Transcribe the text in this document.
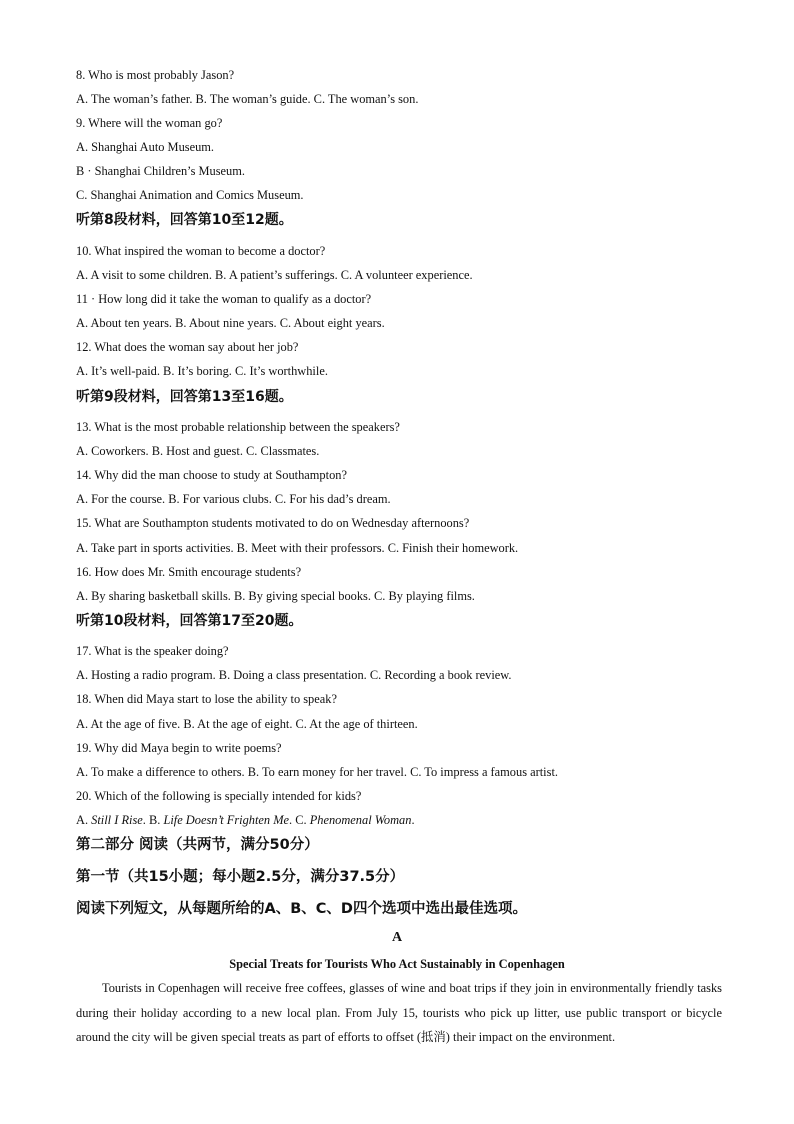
8. Who is most probably Jason?
A. The woman’s father. B. The woman’s guide. C. The woman’s son.
9. Where will the woman go?
A. Shanghai Auto Museum.
B · Shanghai Children’s Museum.
C. Shanghai Animation and Comics Museum.
听第8段材料，回答第10至12题。
10. What inspired the woman to become a doctor?
A. A visit to some children. B. A patient’s sufferings. C. A volunteer experience.
11 · How long did it take the woman to qualify as a doctor?
A. About ten years. B. About nine years. C. About eight years.
12. What does the woman say about her job?
A. It’s well-paid. B. It’s boring. C. It’s worthwhile.
听第9段材料，回答第13至16题。
13. What is the most probable relationship between the speakers?
A. Coworkers. B. Host and guest. C. Classmates.
14. Why did the man choose to study at Southampton?
A. For the course. B. For various clubs. C. For his dad’s dream.
15. What are Southampton students motivated to do on Wednesday afternoons?
A. Take part in sports activities. B. Meet with their professors. C. Finish their homework.
16. How does Mr. Smith encourage students?
A. By sharing basketball skills. B. By giving special books. C. By playing films.
听第10段材料，回答第17至20题。
17. What is the speaker doing?
A. Hosting a radio program. B. Doing a class presentation. C. Recording a book review.
18. When did Maya start to lose the ability to speak?
A. At the age of five. B. At the age of eight. C. At the age of thirteen.
19. Why did Maya begin to write poems?
A. To make a difference to others. B. To earn money for her travel. C. To impress a famous artist.
20. Which of the following is specially intended for kids?
A. Still I Rise. B. Life Doesn’t Frighten Me. C. Phenomenal Woman.
第二部分 阅读（共两节，满分50分）
第一节（共15小题；每小题2.5分，满分37.5分）
阅读下列短文，从每题所给的A、B、C、D四个选项中选出最佳选项。
A
Special Treats for Tourists Who Act Sustainably in Copenhagen

Tourists in Copenhagen will receive free coffees, glasses of wine and boat trips if they join in environmentally friendly tasks during their holiday according to a new local plan. From July 15, tourists who pick up litter, use public transport or bicycle around the city will be given special treats as part of efforts to offset (抵消) their impact on the environment.
